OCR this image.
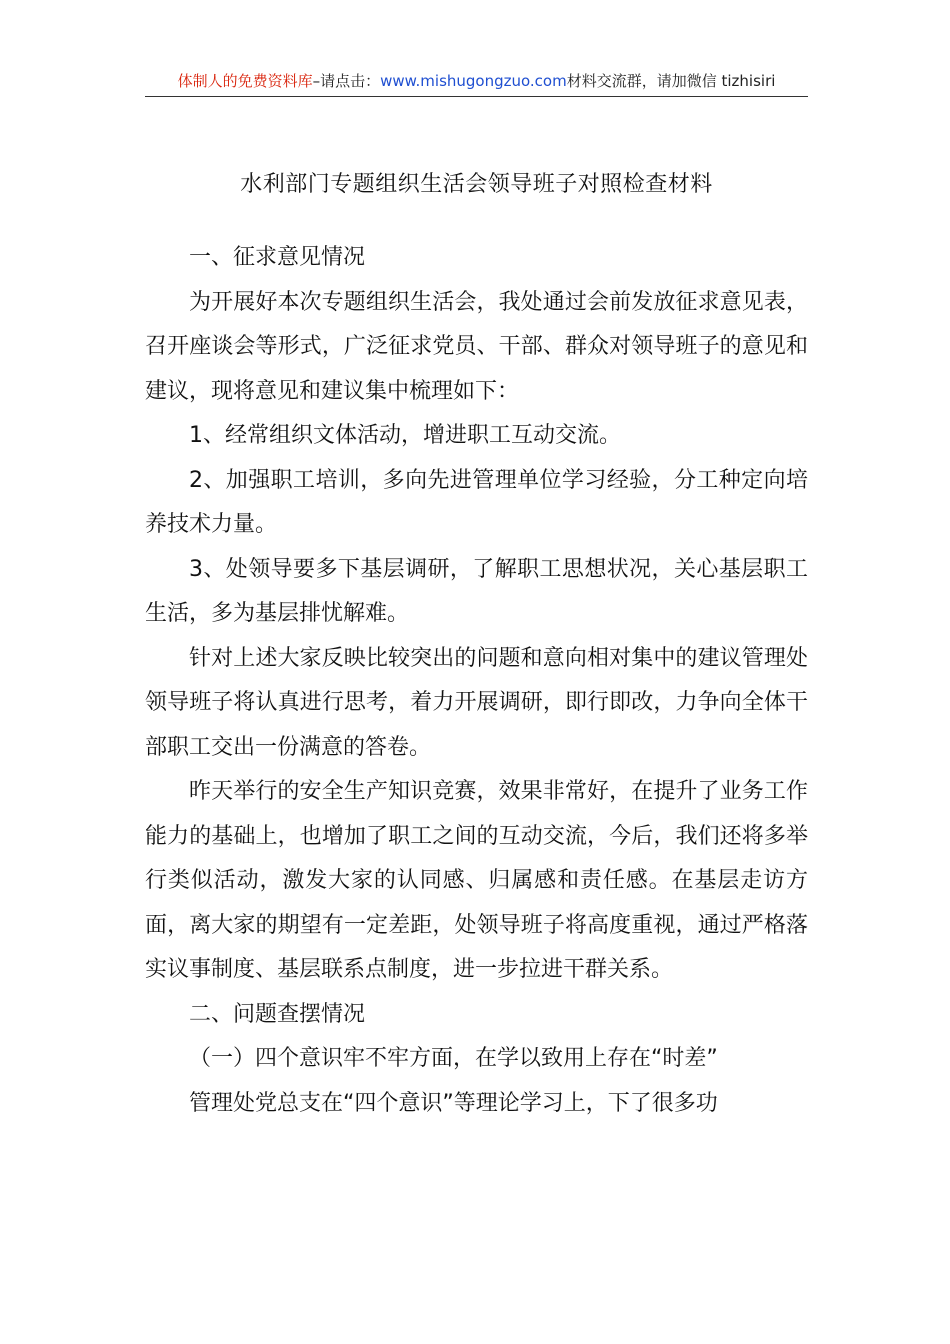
体制人的免费资料库–请点击：www.mishugongzuo.com材料交流群，请加微信 tizhisiri
水利部门专题组织生活会领导班子对照检查材料

一、征求意见情况

为开展好本次专题组织生活会，我处通过会前发放征求意见表，召开座谈会等形式，广泛征求党员、干部、群众对领导班子的意见和建议，现将意见和建议集中梳理如下：

1、经常组织文体活动，增进职工互动交流。

2、加强职工培训，多向先进管理单位学习经验，分工种定向培养技术力量。

3、处领导要多下基层调研，了解职工思想状况，关心基层职工生活，多为基层排忧解难。

针对上述大家反映比较突出的问题和意向相对集中的建议管理处领导班子将认真进行思考，着力开展调研，即行即改，力争向全体干部职工交出一份满意的答卷。

昨天举行的安全生产知识竞赛，效果非常好，在提升了业务工作能力的基础上，也增加了职工之间的互动交流，今后，我们还将多举行类似活动，激发大家的认同感、归属感和责任感。在基层走访方面，离大家的期望有一定差距，处领导班子将高度重视，通过严格落实议事制度、基层联系点制度，进一步拉进干群关系。

二、问题查摆情况

（一）四个意识牢不牢方面，在学以致用上存在“时差”

管理处党总支在“四个意识”等理论学习上，下了很多功
